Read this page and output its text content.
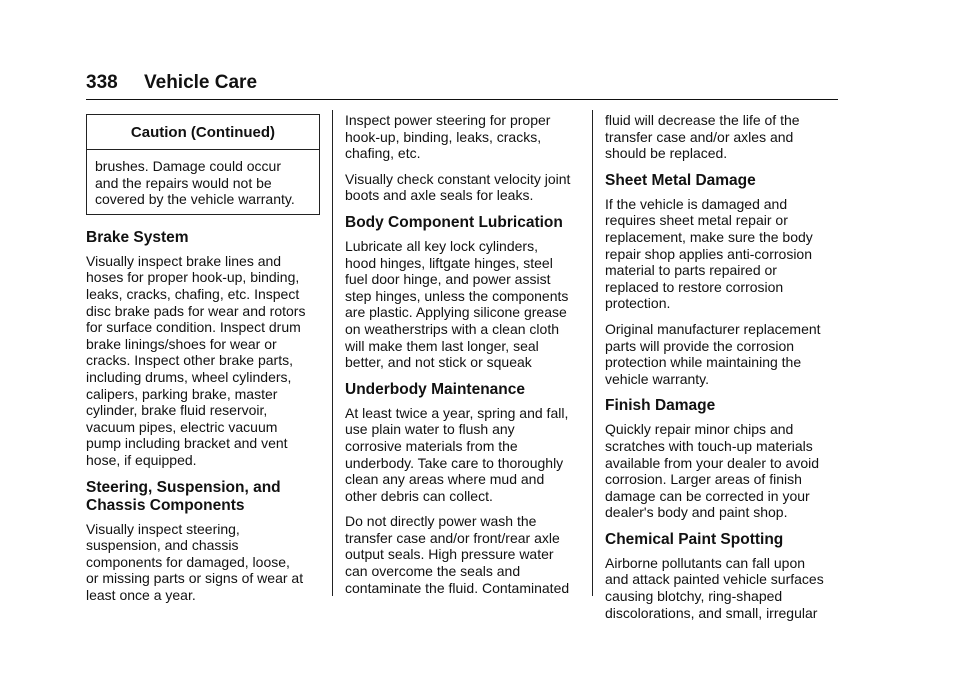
338 Vehicle Care
Caution (Continued)

brushes. Damage could occur
and the repairs would not be
covered by the vehicle warranty.

Brake System

Visually inspect brake lines and
hoses for proper hook-up, binding,
leaks, cracks, chafing, etc. Inspect
disc brake pads for wear and rotors
for surface condition. Inspect drum
brake linings/shoes for wear or
cracks. Inspect other brake parts,
including drums, wheel cylinders,
calipers, parking brake, master
cylinder, brake fluid reservoir,
vacuum pipes, electric vacuum
pump including bracket and vent
hose, if equipped.

Steering, Suspension, and
Chassis Components

Visually inspect steering,
suspension, and chassis
components for damaged, loose,
or missing parts or signs of wear at
least once a year.

Inspect power steering for proper
hook-up, binding, leaks, cracks,
chafing, etc.

Visually check constant velocity joint
boots and axle seals for leaks.

Body Component Lubrication

Lubricate all key lock cylinders,
hood hinges, liftgate hinges, steel
fuel door hinge, and power assist
step hinges, unless the components
are plastic. Applying silicone grease
on weatherstrips with a clean cloth
will make them last longer, seal
better, and not stick or squeak

Underbody Maintenance

At least twice a year, spring and fall,
use plain water to flush any
corrosive materials from the
underbody. Take care to thoroughly
clean any areas where mud and
other debris can collect.

Do not directly power wash the
transfer case and/or front/rear axle
output seals. High pressure water
can overcome the seals and
contaminate the fluid. Contaminated

fluid will decrease the life of the
transfer case and/or axles and
should be replaced.

Sheet Metal Damage

If the vehicle is damaged and
requires sheet metal repair or
replacement, make sure the body
repair shop applies anti-corrosion
material to parts repaired or
replaced to restore corrosion
protection.

Original manufacturer replacement
parts will provide the corrosion
protection while maintaining the
vehicle warranty.

Finish Damage

Quickly repair minor chips and
scratches with touch-up materials
available from your dealer to avoid
corrosion. Larger areas of finish
damage can be corrected in your
dealer's body and paint shop.

Chemical Paint Spotting

Airborne pollutants can fall upon
and attack painted vehicle surfaces
causing blotchy, ring-shaped
discolorations, and small, irregular
